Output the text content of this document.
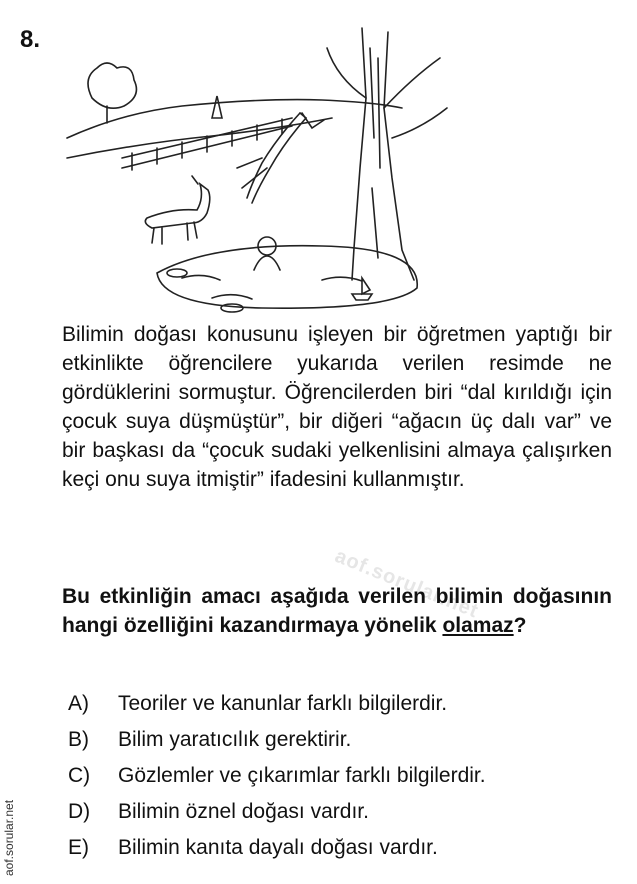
8.

Bilimin doğası konusunu işleyen bir öğretmen yaptığı bir etkinlikte öğrencilere yukarıda verilen resimde ne gördüklerini sormuştur. Öğrencilerden biri “dal kırıldığı için çocuk suya düşmüştür”, bir diğeri “ağacın üç dalı var” ve bir başkası da “çocuk sudaki yelkenlisini almaya çalışırken keçi onu suya itmiştir” ifadesini kullanmıştır.

aof.sorular.net
Bu etkinliğin amacı aşağıda verilen bilimin doğasının hangi özelliğini kazandırmaya yönelik olamaz?
A)	Teoriler ve kanunlar farklı bilgilerdir.
B)	Bilim yaratıcılık gerektirir.
C)	Gözlemler ve çıkarımlar farklı bilgilerdir.
D)	Bilimin öznel doğası vardır.
E)	Bilimin kanıta dayalı doğası vardır.
aof.sorular.net
